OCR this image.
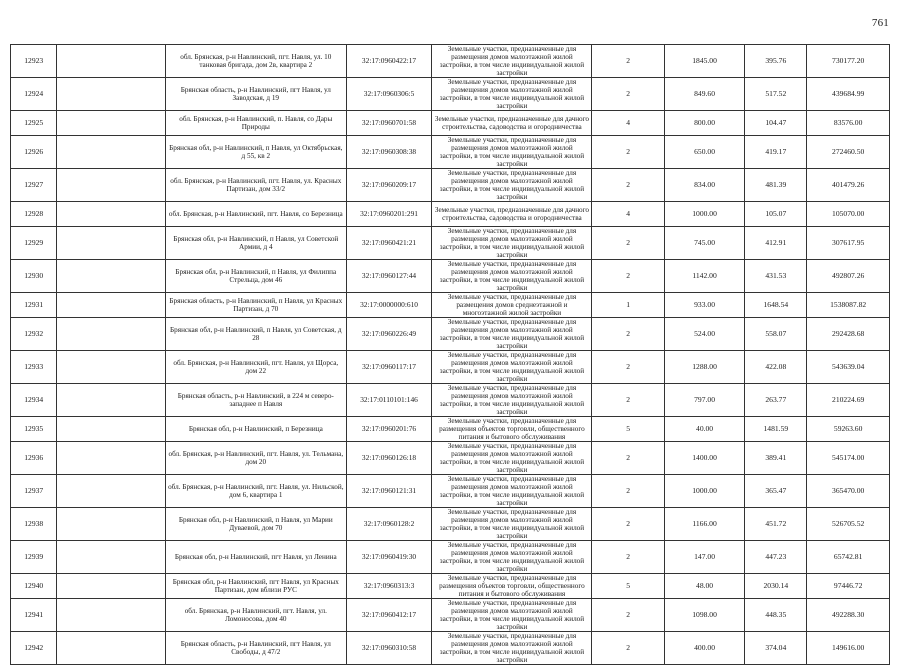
761
12923		обл. Брянская, р-н Навлинский, пгт. Навля, ул. 10 танковая бригада, дом 2в, квартира 2	32:17:0960422:17	Земельные участки, предназначенные для размещения домов малоэтажной жилой застройки, в том числе индивидуальной жилой застройки	2	1845.00	395.76	730177.20
12924		Брянская область, р-н Навлинский, пгт Навля, ул Заводская, д 19	32:17:0960306:5	Земельные участки, предназначенные для размещения домов малоэтажной жилой застройки, в том числе индивидуальной жилой застройки	2	849.60	517.52	439684.99
12925		обл. Брянская, р-н Навлинский, п. Навля, со Дары Природы	32:17:0960701:58	Земельные участки, предназначенные для дачного строительства, садоводства и огородничества	4	800.00	104.47	83576.00
12926		Брянская обл, р-н Навлинский, п Навля, ул Октябрьская, д 55, кв 2	32:17:0960308:38	Земельные участки, предназначенные для размещения домов малоэтажной жилой застройки, в том числе индивидуальной жилой застройки	2	650.00	419.17	272460.50
12927		обл. Брянская, р-н Навлинский, пгт. Навля, ул. Красных Партизан, дом 33/2	32:17:0960209:17	Земельные участки, предназначенные для размещения домов малоэтажной жилой застройки, в том числе индивидуальной жилой застройки	2	834.00	481.39	401479.26
12928		обл. Брянская, р-н Навлинский, пгт. Навля, со Березница	32:17:0960201:291	Земельные участки, предназначенные для дачного строительства, садоводства и огородничества	4	1000.00	105.07	105070.00
12929		Брянская обл, р-н Навлинский, п Навля, ул Советской Армии, д 4	32:17:0960421:21	Земельные участки, предназначенные для размещения домов малоэтажной жилой застройки, в том числе индивидуальной жилой застройки	2	745.00	412.91	307617.95
12930		Брянская обл, р-н Навлинский, п Навля, ул Филиппа Стрельца, дом 46	32:17:0960127:44	Земельные участки, предназначенные для размещения домов малоэтажной жилой застройки, в том числе индивидуальной жилой застройки	2	1142.00	431.53	492807.26
12931		Брянская область, р-н Навлинский, п Навля, ул Красных Партизан, д 70	32:17:0000000:610	Земельные участки, предназначенные для размещения домов среднеэтажной и многоэтажной жилой застройки	1	933.00	1648.54	1538087.82
12932		Брянская обл, р-н Навлинский, п Навля, ул Советская, д 28	32:17:0960226:49	Земельные участки, предназначенные для размещения домов малоэтажной жилой застройки, в том числе индивидуальной жилой застройки	2	524.00	558.07	292428.68
12933		обл. Брянская, р-н Навлинский, пгт. Навля, ул Щорса, дом 22	32:17:0960117:17	Земельные участки, предназначенные для размещения домов малоэтажной жилой застройки, в том числе индивидуальной жилой застройки	2	1288.00	422.08	543639.04
12934		Брянская область, р-н Навлинский, в 224 м северо-западнее п Навля	32:17:0110101:146	Земельные участки, предназначенные для размещения домов малоэтажной жилой застройки, в том числе индивидуальной жилой застройки	2	797.00	263.77	210224.69
12935		Брянская обл, р-н Навлинский, п Березница	32:17:0960201:76	Земельные участки, предназначенные для размещения объектов торговли, общественного питания и бытового обслуживания	5	40.00	1481.59	59263.60
12936		обл. Брянская, р-н Навлинский, пгт. Навля, ул. Тельмана, дом 20	32:17:0960126:18	Земельные участки, предназначенные для размещения домов малоэтажной жилой застройки, в том числе индивидуальной жилой застройки	2	1400.00	389.41	545174.00
12937		обл. Брянская, р-н Навлинский, пгт. Навля, ул. Нильской, дом 6, квартира 1	32:17:0960121:31	Земельные участки, предназначенные для размещения домов малоэтажной жилой застройки, в том числе индивидуальной жилой застройки	2	1000.00	365.47	365470.00
12938		Брянская обл, р-н Навлинский, п Навля, ул Марии Дуваевой, дом 70	32:17:0960128:2	Земельные участки, предназначенные для размещения домов малоэтажной жилой застройки, в том числе индивидуальной жилой застройки	2	1166.00	451.72	526705.52
12939		Брянская обл, р-н Навлинский, пгт Навля, ул Ленина	32:17:0960419:30	Земельные участки, предназначенные для размещения домов малоэтажной жилой застройки, в том числе индивидуальной жилой застройки	2	147.00	447.23	65742.81
12940		Брянская обл, р-н Навлинский, пгт Навля, ул Красных Партизан, дом вблизи РУС	32:17:0960313:3	Земельные участки, предназначенные для размещения объектов торговли, общественного питания и бытового обслуживания	5	48.00	2030.14	97446.72
12941		обл. Брянская, р-н Навлинский, пгт. Навля, ул. Ломоносова, дом 40	32:17:0960412:17	Земельные участки, предназначенные для размещения домов малоэтажной жилой застройки, в том числе индивидуальной жилой застройки	2	1098.00	448.35	492288.30
12942		Брянская область, р-н Навлинский, пгт Навля, ул Свободы, д 47/2	32:17:0960310:58	Земельные участки, предназначенные для размещения домов малоэтажной жилой застройки, в том числе индивидуальной жилой застройки	2	400.00	374.04	149616.00
